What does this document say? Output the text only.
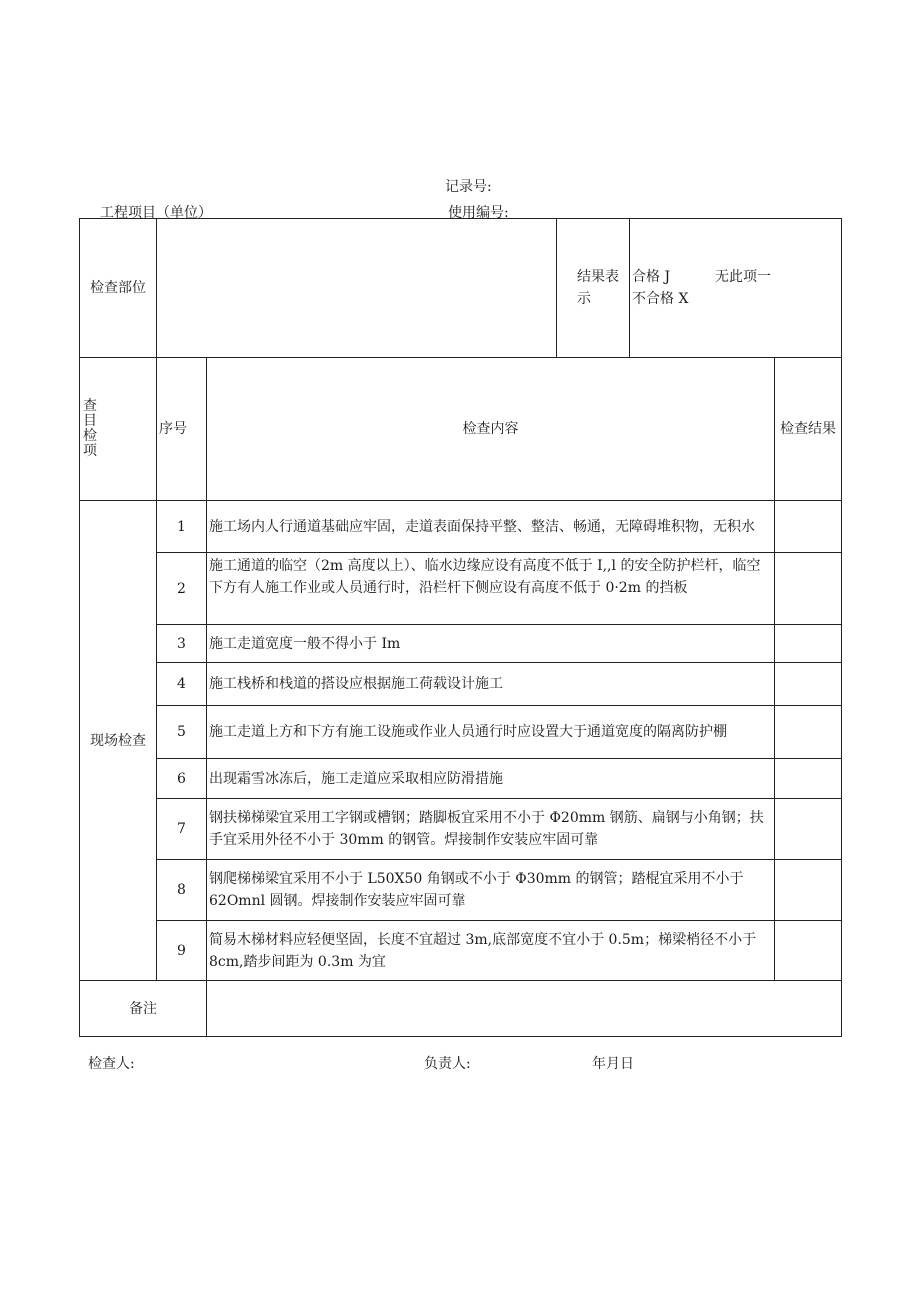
记录号:
工程项目（单位）	使用编号:
检查部位			结果表示	合格 J 无此项一
不合格 X	

查目检项	序号	检查内容			检查结果
现场检查	1	施工场内人行通道基础应牢固，走道表面保持平整、整洁、畅通，无障碍堆积物，无积水			
	2	施工通道的临空（2m 高度以上）、临水边缘应设有高度不低于 I,,l 的安全防护栏杆，临空下方有人施工作业或人员通行时，沿栏杆下侧应设有高度不低于 0·2m 的挡板			
	3	施工走道宽度一般不得小于 Im			
	4	施工栈桥和栈道的搭设应根据施工荷载设计施工			
	5	施工走道上方和下方有施工设施或作业人员通行时应设置大于通道宽度的隔离防护棚			
	6	出现霜雪冰冻后，施工走道应采取相应防滑措施			
	7	钢扶梯梯梁宜采用工字钢或槽钢；踏脚板宜采用不小于 Φ20mm 钢筋、扁钢与小角钢；扶手宜采用外径不小于 30mm 的钢管。焊接制作安装应牢固可靠			
	8	钢爬梯梯梁宜采用不小于 L50X50 角钢或不小于 Φ30mm 的钢管；踏棍宜采用不小于62Omnl 圆钢。焊接制作安装应牢固可靠			
	9	简易木梯材料应轻便坚固，长度不宜超过 3m,底部宽度不宜小于 0.5m；梯梁梢径不小于 8cm,踏步间距为 0.3m 为宜			
备注					
检查人:	负责人:	年月日
